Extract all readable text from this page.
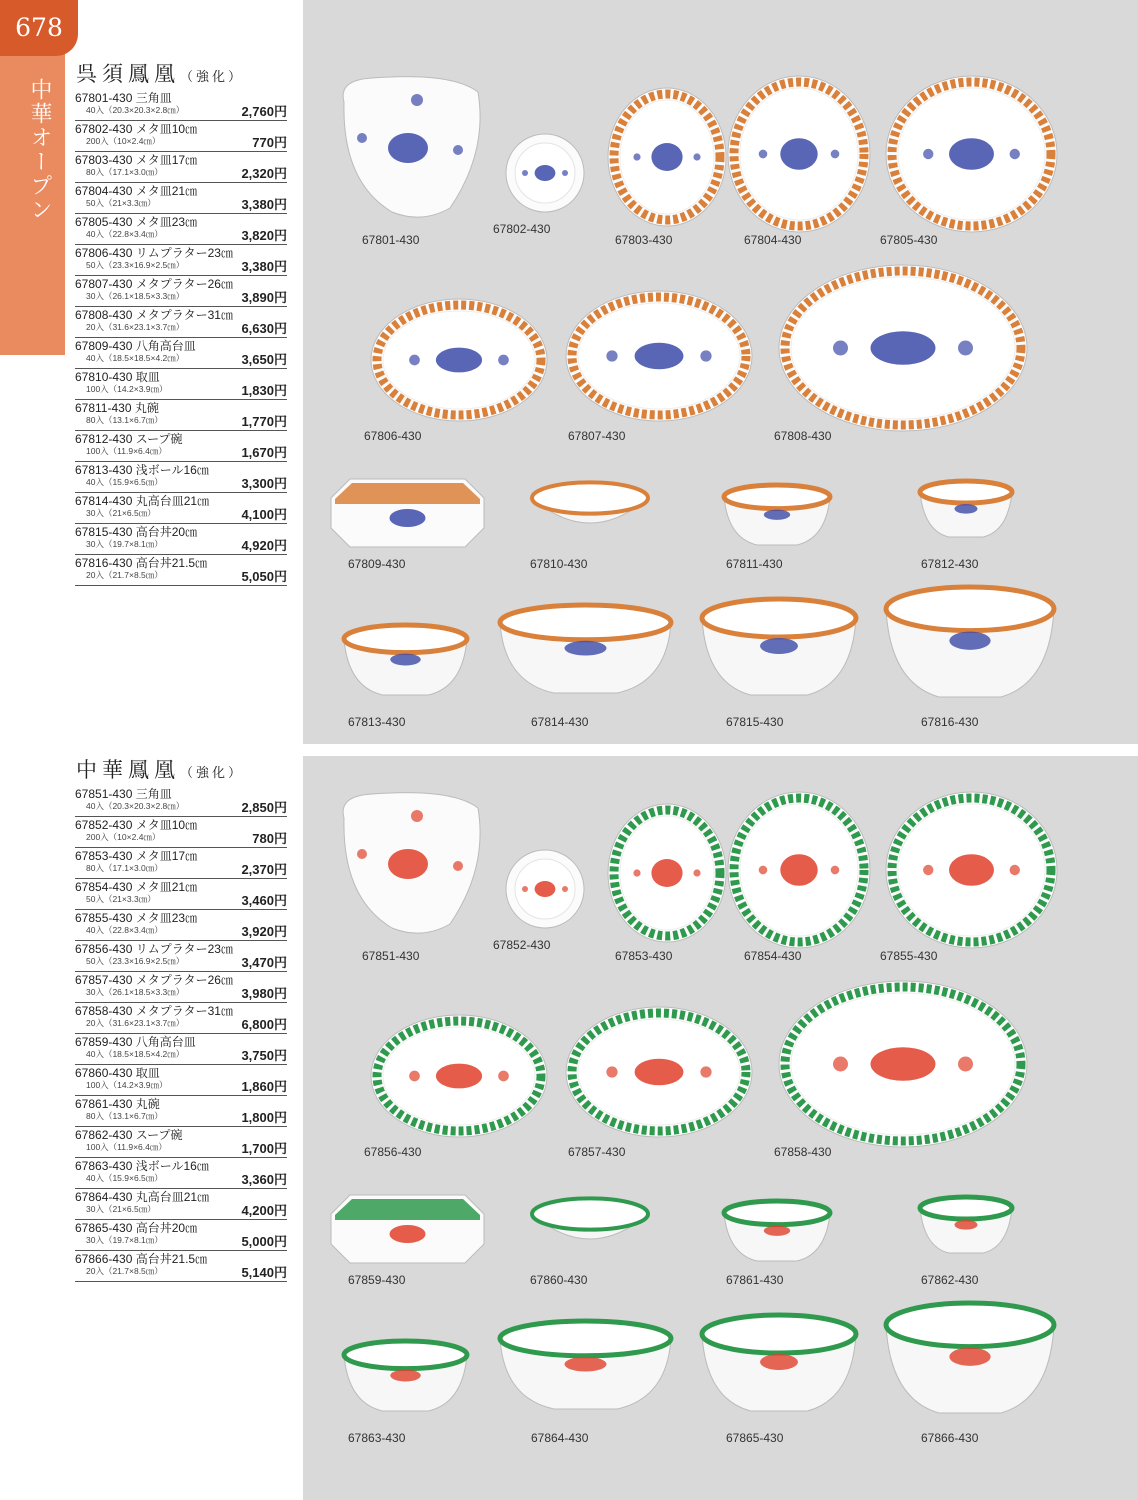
678
中華オープン
呉須鳳凰（強化）
中華鳳凰（強化）
67801-430 三角皿
40入（20.3×20.3×2.8㎝）	2,760円
67802-430 メタ皿10㎝
200入（10×2.4㎝）	770円
67803-430 メタ皿17㎝
80入（17.1×3.0㎝）	2,320円
67804-430 メタ皿21㎝
50入（21×3.3㎝）	3,380円
67805-430 メタ皿23㎝
40入（22.8×3.4㎝）	3,820円
67806-430 リムプラター23㎝
50入（23.3×16.9×2.5㎝）	3,380円
67807-430 メタプラター26㎝
30入（26.1×18.5×3.3㎝）	3,890円
67808-430 メタプラター31㎝
20入（31.6×23.1×3.7㎝）	6,630円
67809-430 八角高台皿
40入（18.5×18.5×4.2㎝）	3,650円
67810-430 取皿
100入（14.2×3.9㎝）	1,830円
67811-430 丸碗
80入（13.1×6.7㎝）	1,770円
67812-430 スープ碗
100入（11.9×6.4㎝）	1,670円
67813-430 浅ボール16㎝
40入（15.9×6.5㎝）	3,300円
67814-430 丸高台皿21㎝
30入（21×6.5㎝）	4,100円
67815-430 高台丼20㎝
30入（19.7×8.1㎝）	4,920円
67816-430 高台丼21.5㎝
20入（21.7×8.5㎝）	5,050円
67851-430 三角皿
40入（20.3×20.3×2.8㎝）	2,850円
67852-430 メタ皿10㎝
200入（10×2.4㎝）	780円
67853-430 メタ皿17㎝
80入（17.1×3.0㎝）	2,370円
67854-430 メタ皿21㎝
50入（21×3.3㎝）	3,460円
67855-430 メタ皿23㎝
40入（22.8×3.4㎝）	3,920円
67856-430 リムプラター23㎝
50入（23.3×16.9×2.5㎝）	3,470円
67857-430 メタプラター26㎝
30入（26.1×18.5×3.3㎝）	3,980円
67858-430 メタプラター31㎝
20入（31.6×23.1×3.7㎝）	6,800円
67859-430 八角高台皿
40入（18.5×18.5×4.2㎝）	3,750円
67860-430 取皿
100入（14.2×3.9㎝）	1,860円
67861-430 丸碗
80入（13.1×6.7㎝）	1,800円
67862-430 スープ碗
100入（11.9×6.4㎝）	1,700円
67863-430 浅ボール16㎝
40入（15.9×6.5㎝）	3,360円
67864-430 丸高台皿21㎝
30入（21×6.5㎝）	4,200円
67865-430 高台丼20㎝
30入（19.7×8.1㎝）	5,000円
67866-430 高台丼21.5㎝
20入（21.7×8.5㎝）	5,140円
67801-430
67802-430
67803-430	67804-430	67805-430
67806-430	67807-430	67808-430
67809-430	67810-430	67811-430	67812-430
67813-430	67814-430	67815-430	67816-430
67851-430
67852-430
67853-430	67854-430	67855-430
67856-430	67857-430	67858-430
67859-430	67860-430	67861-430	67862-430
67863-430	67864-430	67865-430	67866-430
